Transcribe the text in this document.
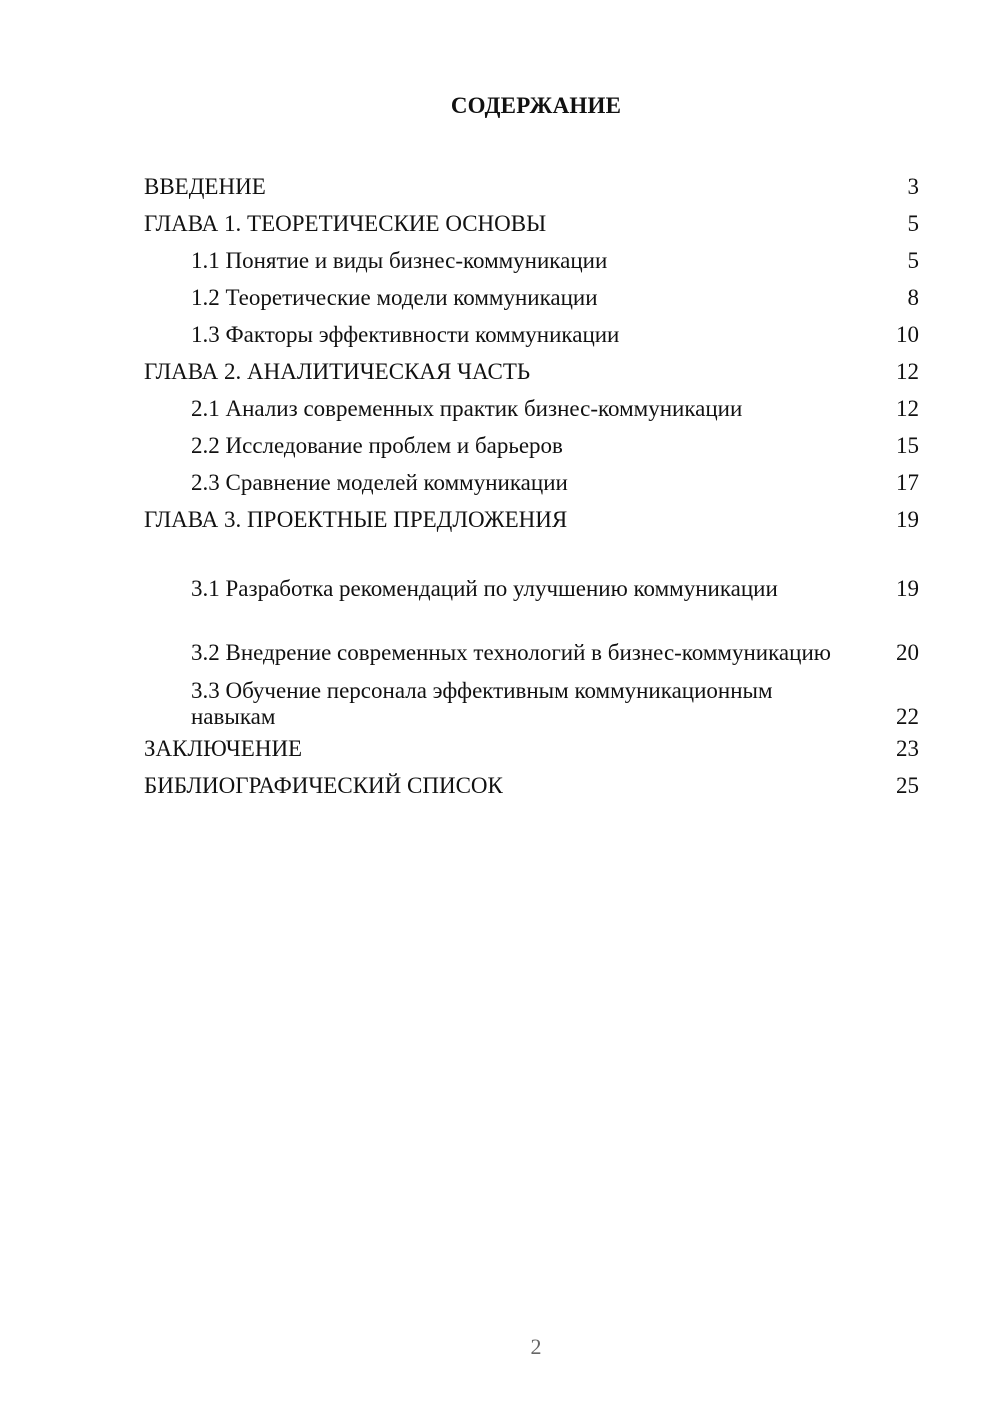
СОДЕРЖАНИЕ
ВВЕДЕНИЕ	3
ГЛАВА 1. ТЕОРЕТИЧЕСКИЕ ОСНОВЫ	5
1.1 Понятие и виды бизнес-коммуникации	5
1.2 Теоретические модели коммуникации	8
1.3 Факторы эффективности коммуникации	10
ГЛАВА 2. АНАЛИТИЧЕСКАЯ ЧАСТЬ	12
2.1 Анализ современных практик бизнес-коммуникации	12
2.2 Исследование проблем и барьеров	15
2.3 Сравнение моделей коммуникации	17
ГЛАВА 3. ПРОЕКТНЫЕ ПРЕДЛОЖЕНИЯ	19
3.1 Разработка рекомендаций по улучшению коммуникации	19
3.2 Внедрение современных технологий в бизнес-коммуникацию	20
3.3 Обучение персонала эффективным коммуникационным навыкам	22
ЗАКЛЮЧЕНИЕ	23
БИБЛИОГРАФИЧЕСКИЙ СПИСОК	25
2
